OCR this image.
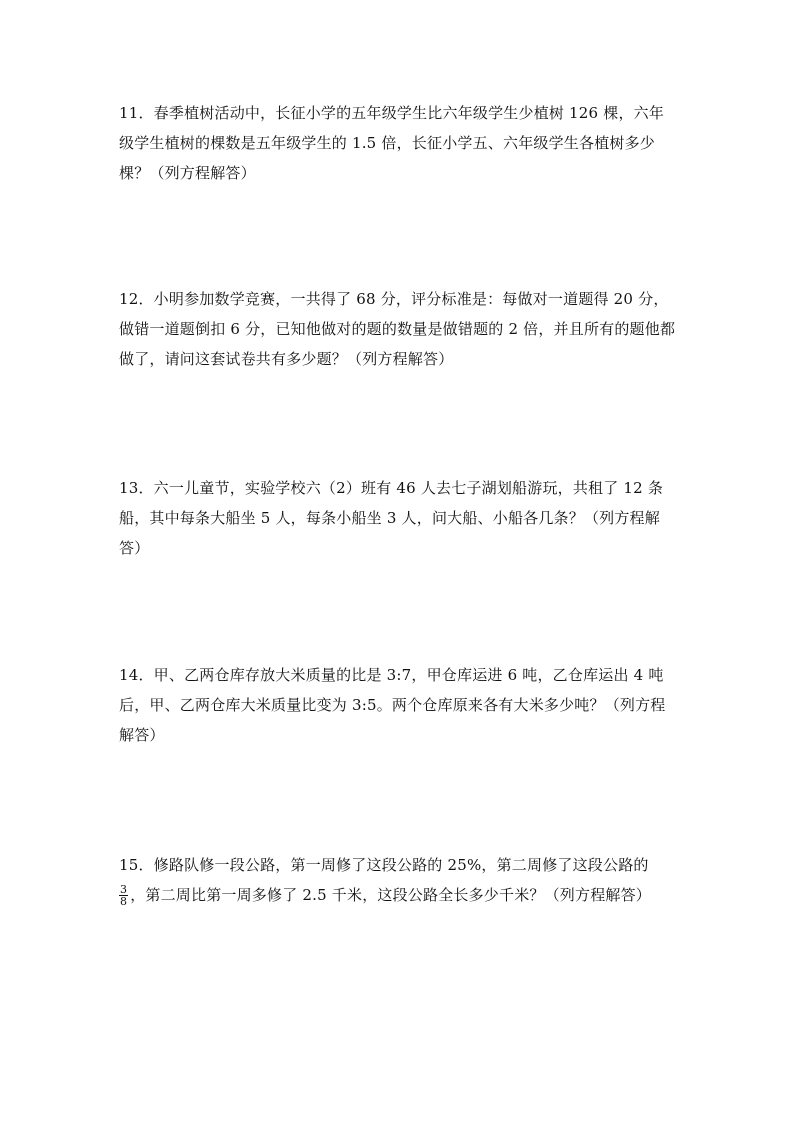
11．春季植树活动中，长征小学的五年级学生比六年级学生少植树 126 棵，六年级学生植树的棵数是五年级学生的 1.5 倍，长征小学五、六年级学生各植树多少棵？（列方程解答）

12．小明参加数学竞赛，一共得了 68 分，评分标准是：每做对一道题得 20 分，做错一道题倒扣 6 分，已知他做对的题的数量是做错题的 2 倍，并且所有的题他都做了，请问这套试卷共有多少题？（列方程解答）

13．六一儿童节，实验学校六（2）班有 46 人去七子湖划船游玩，共租了 12 条船，其中每条大船坐 5 人，每条小船坐 3 人，问大船、小船各几条？（列方程解答）

14．甲、乙两仓库存放大米质量的比是 3:7，甲仓库运进 6 吨，乙仓库运出 4 吨后，甲、乙两仓库大米质量比变为 3:5。两个仓库原来各有大米多少吨？（列方程解答）

15．修路队修一段公路，第一周修了这段公路的 25%，第二周修了这段公路的

$\frac{3}{8}$ ，第二周比第一周多修了 2.5 千米，这段公路全长多少千米？（列方程解答）
